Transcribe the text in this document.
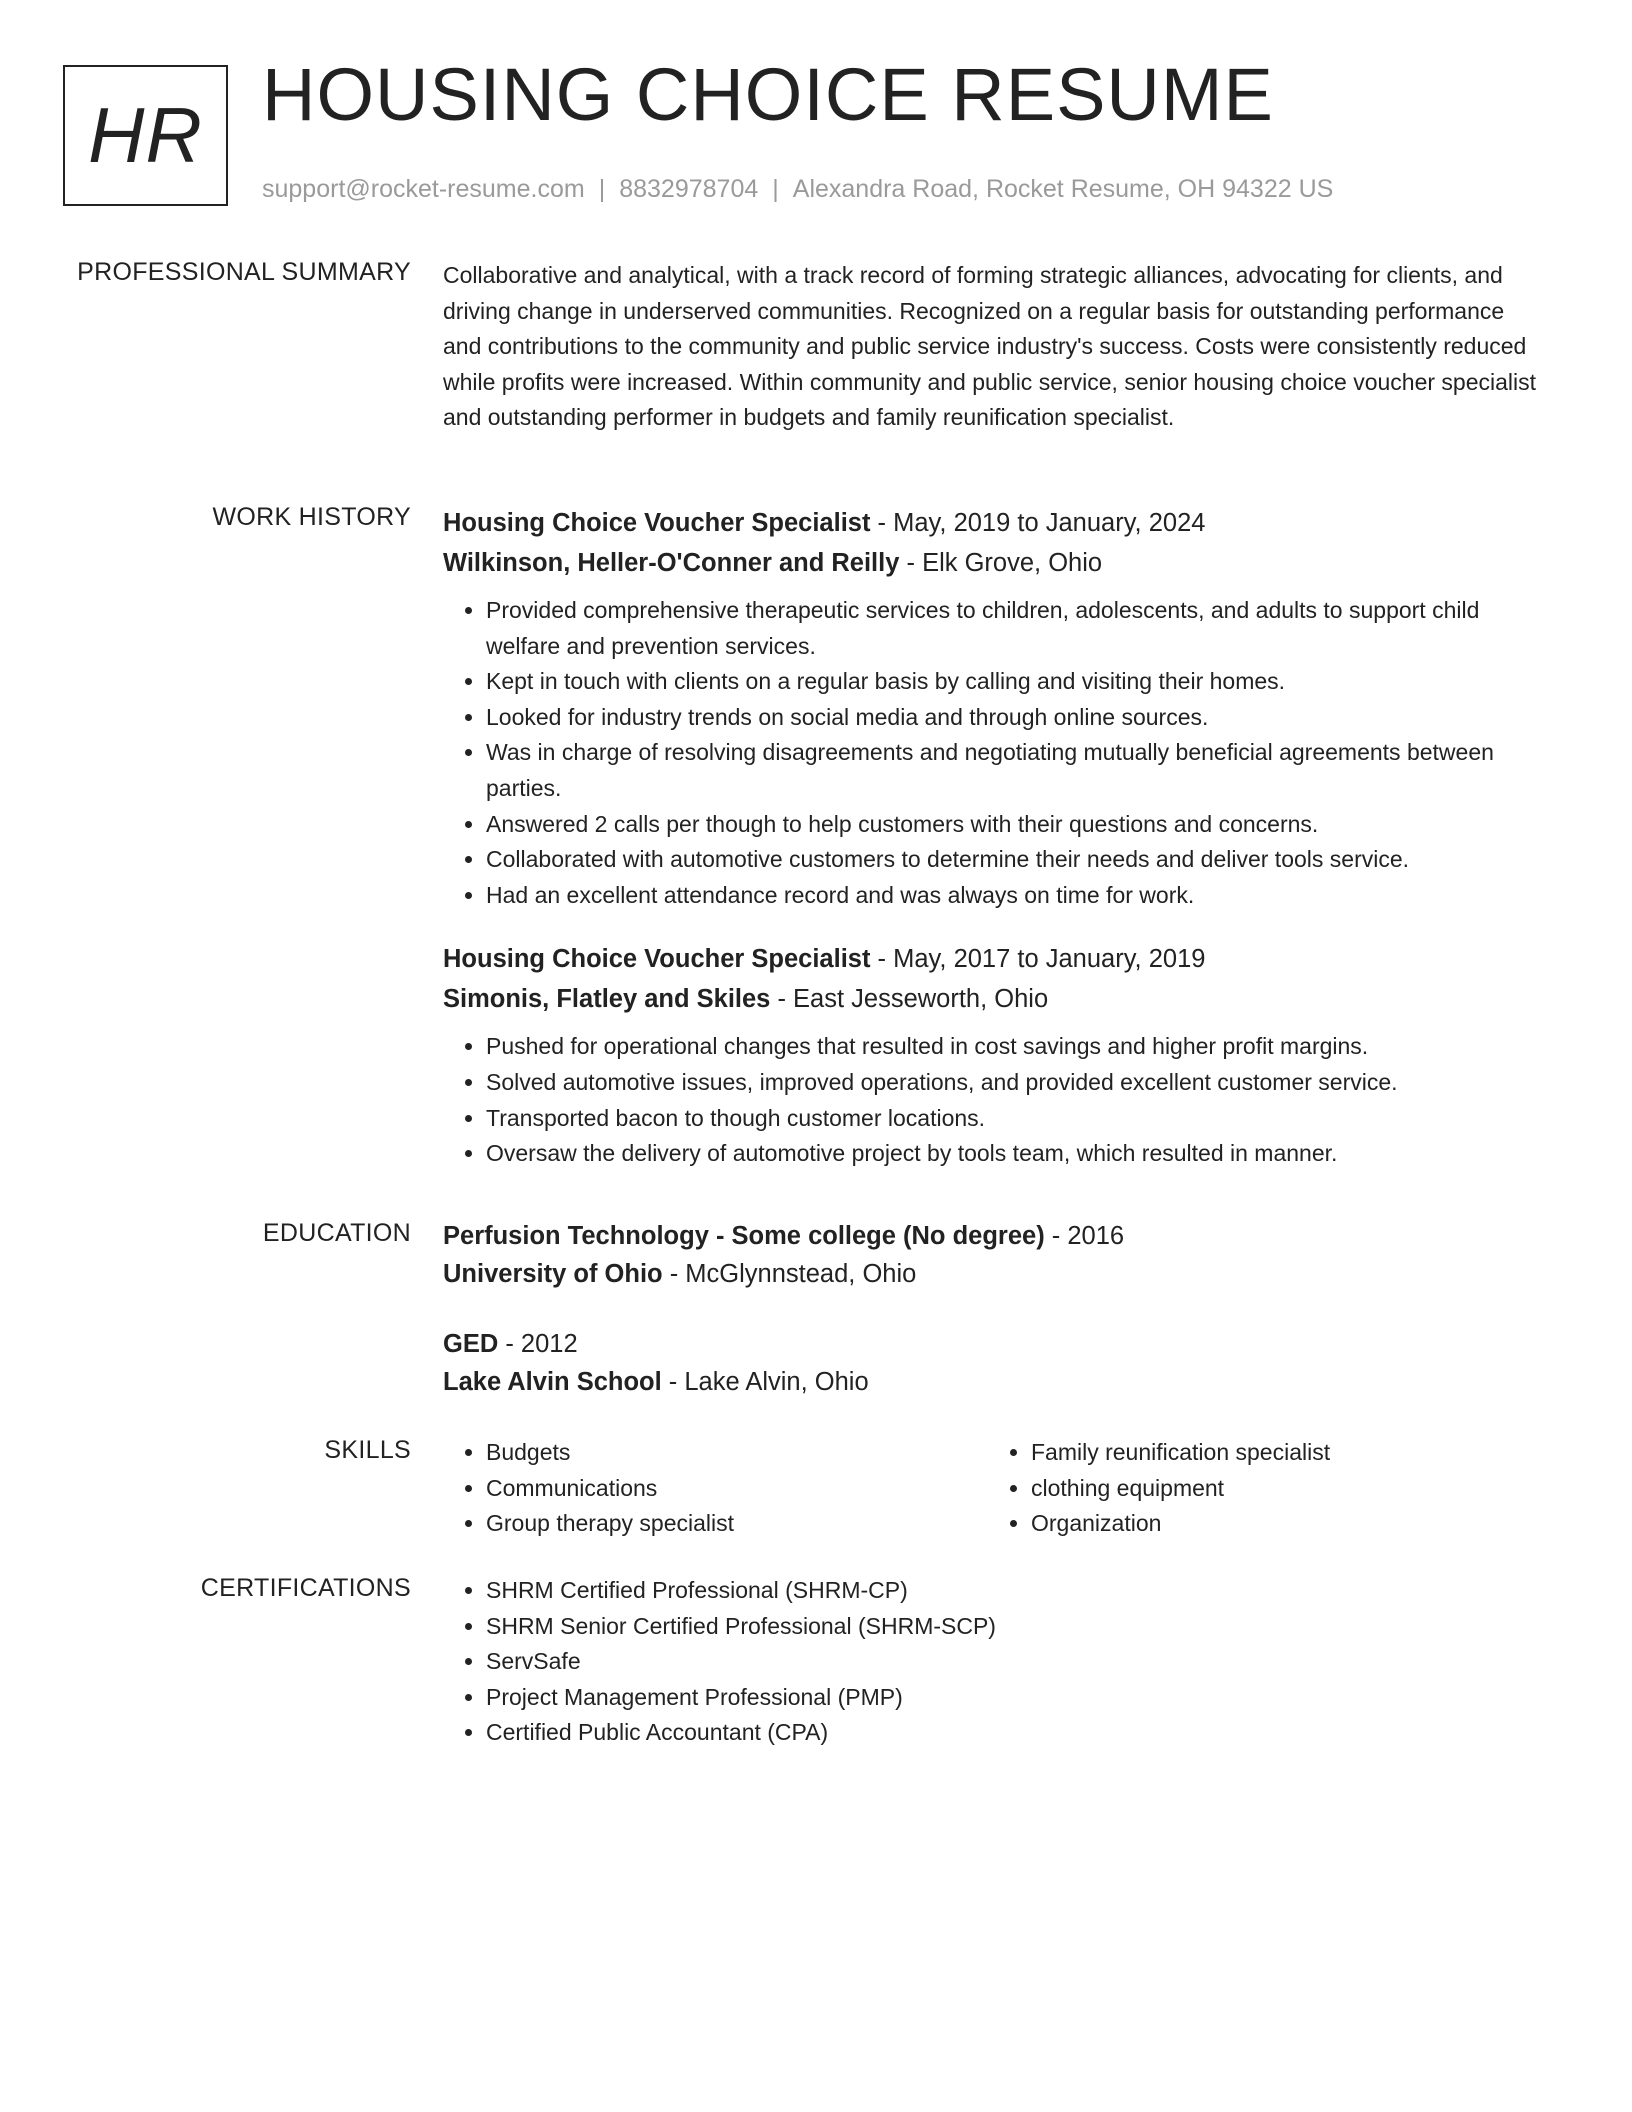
HR HOUSING CHOICE RESUME
support@rocket-resume.com | 8832978704 | Alexandra Road, Rocket Resume, OH 94322 US
PROFESSIONAL SUMMARY Collaborative and analytical, with a track record of forming strategic alliances, advocating for clients, and driving change in underserved communities. Recognized on a regular basis for outstanding performance and contributions to the community and public service industry's success. Costs were consistently reduced while profits were increased. Within community and public service, senior housing choice voucher specialist and outstanding performer in budgets and family reunification specialist.

WORK HISTORY Housing Choice Voucher Specialist - May, 2019 to January, 2024
Wilkinson, Heller-O'Conner and Reilly - Elk Grove, Ohio
• Provided comprehensive therapeutic services to children, adolescents, and adults to support child welfare and prevention services.
• Kept in touch with clients on a regular basis by calling and visiting their homes.
• Looked for industry trends on social media and through online sources.
• Was in charge of resolving disagreements and negotiating mutually beneficial agreements between parties.
• Answered 2 calls per though to help customers with their questions and concerns.
• Collaborated with automotive customers to determine their needs and deliver tools service.
• Had an excellent attendance record and was always on time for work.
Housing Choice Voucher Specialist - May, 2017 to January, 2019
Simonis, Flatley and Skiles - East Jesseworth, Ohio
• Pushed for operational changes that resulted in cost savings and higher profit margins.
• Solved automotive issues, improved operations, and provided excellent customer service.
• Transported bacon to though customer locations.
• Oversaw the delivery of automotive project by tools team, which resulted in manner.
EDUCATION Perfusion Technology - Some college (No degree) - 2016
University of Ohio - McGlynnstead, Ohio
GED - 2012
Lake Alvin School - Lake Alvin, Ohio
SKILLS	• Budgets
• Communications
• Group therapy specialist
• Family reunification specialist
• clothing equipment
• Organization
CERTIFICATIONS	• SHRM Certified Professional (SHRM-CP)
• SHRM Senior Certified Professional (SHRM-SCP)
• ServSafe
• Project Management Professional (PMP)
• Certified Public Accountant (CPA)
